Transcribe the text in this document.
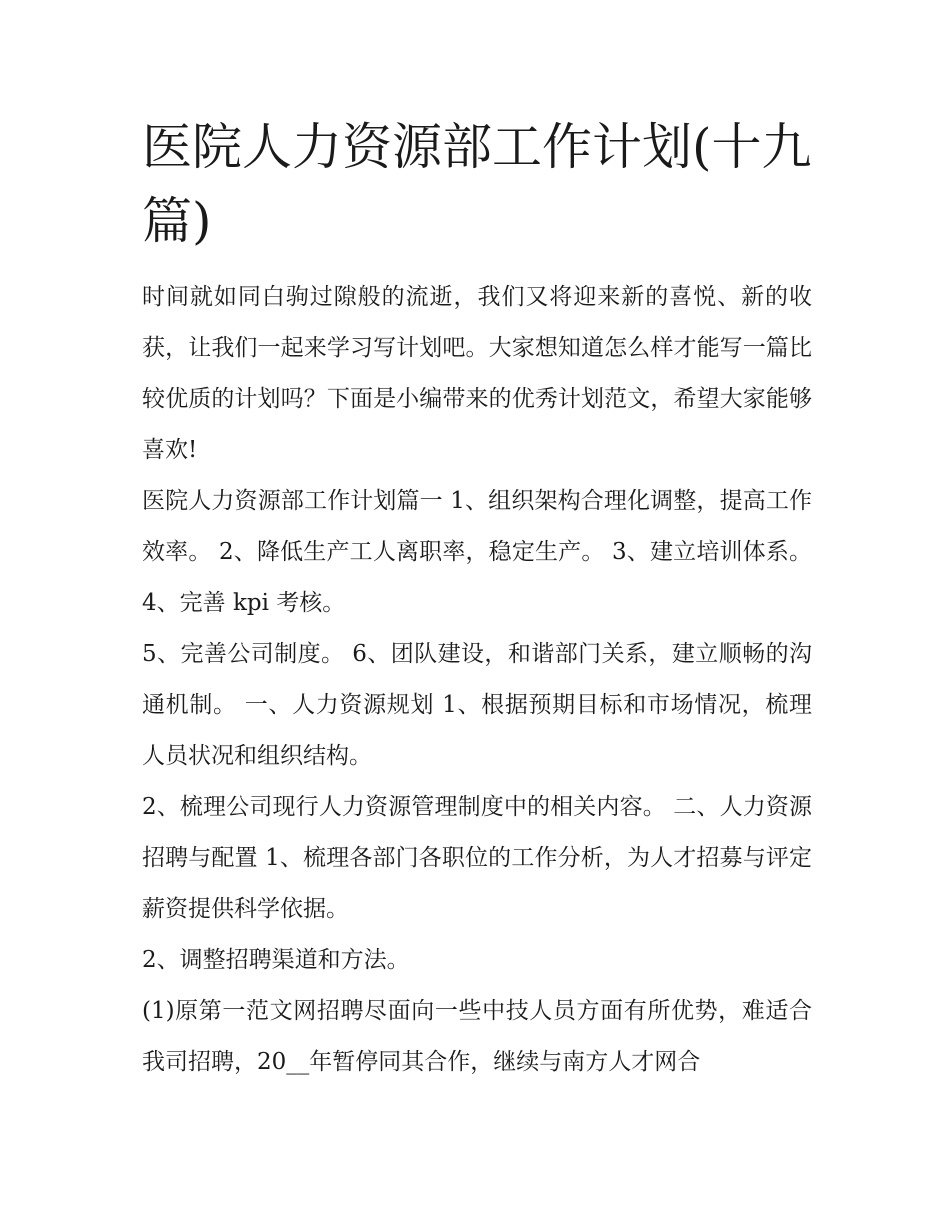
医院人力资源部工作计划(十九篇)

时间就如同白驹过隙般的流逝，我们又将迎来新的喜悦、新的收获，让我们一起来学习写计划吧。大家想知道怎么样才能写一篇比较优质的计划吗？下面是小编带来的优秀计划范文，希望大家能够喜欢!

医院人力资源部工作计划篇一 1、组织架构合理化调整，提高工作效率。 2、降低生产工人离职率，稳定生产。 3、建立培训体系。 4、完善 kpi 考核。

5、完善公司制度。 6、团队建设，和谐部门关系，建立顺畅的沟通机制。 一、人力资源规划 1、根据预期目标和市场情况，梳理人员状况和组织结构。

2、梳理公司现行人力资源管理制度中的相关内容。 二、人力资源招聘与配置 1、梳理各部门各职位的工作分析，为人才招募与评定薪资提供科学依据。

2、调整招聘渠道和方法。

(1)原第一范文网招聘尽面向一些中技人员方面有所优势，难适合我司招聘，20__年暂停同其合作，继续与南方人才网合
